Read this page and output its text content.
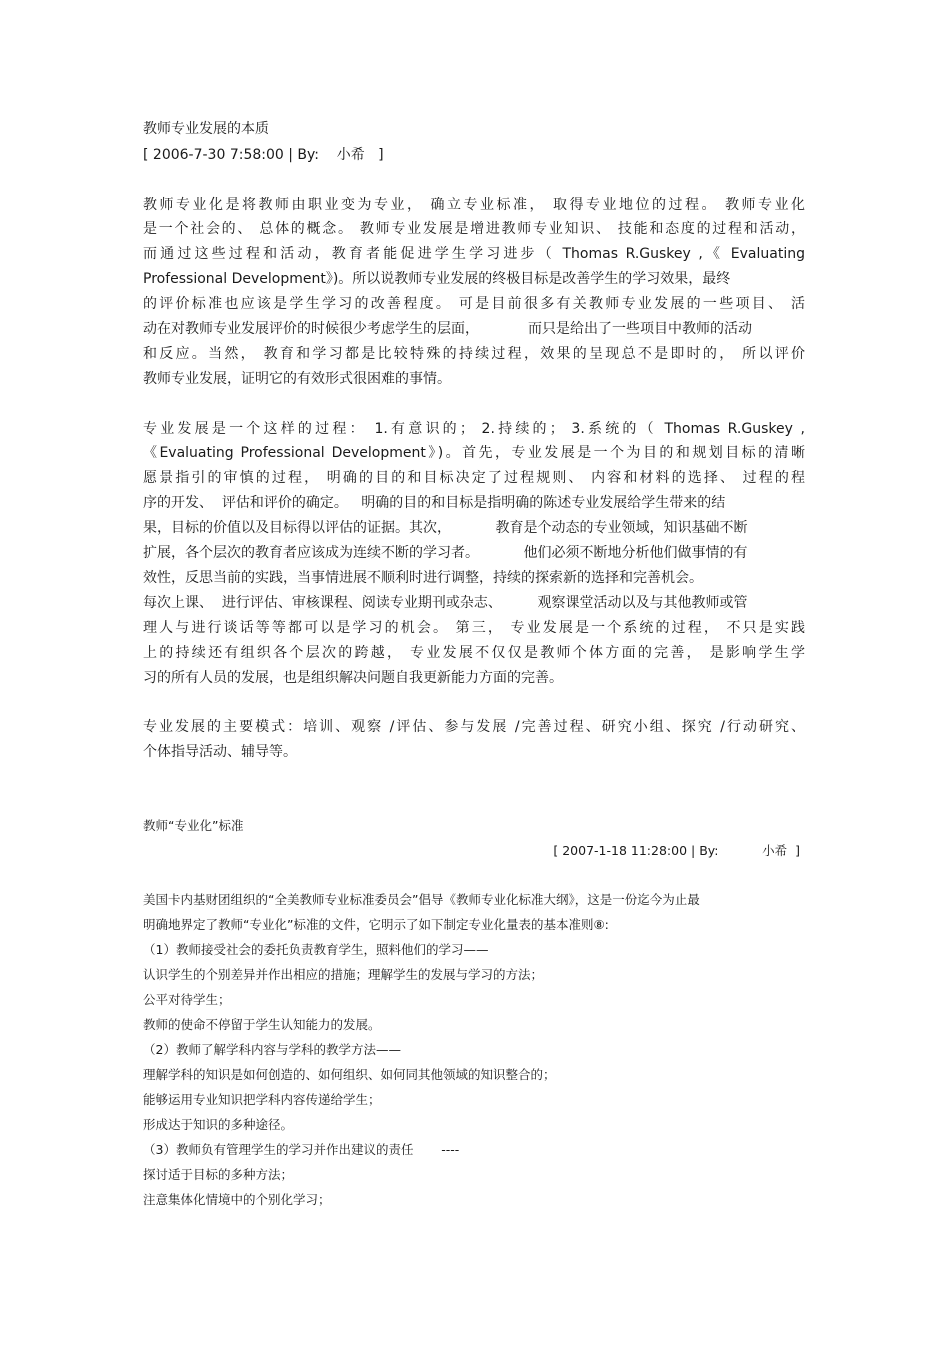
教师专业发展的本质
[ 2006-7-30 7:58:00 | By:    小希   ]
教师专业化是将教师由职业变为专业， 确立专业标准， 取得专业地位的过程。 教师专业化
是一个社会的、 总体的概念。 教师专业发展是增进教师专业知识、 技能和态度的过程和活动，
而通过这些过程和活动，教育者能促进学生学习进步（ Thomas R.Guskey ,《 Evaluating
Professional Development》)。所以说教师专业发展的终极目标是改善学生的学习效果，最终
的评价标准也应该是学生学习的改善程度。 可是目前很多有关教师专业发展的一些项目、 活
动在对教师专业发展评价的时候很少考虑学生的层面，           而只是给出了一些项目中教师的活动
和反应。当然， 教育和学习都是比较特殊的持续过程，效果的呈现总不是即时的， 所以评价
教师专业发展，证明它的有效形式很困难的事情。
专业发展是一个这样的过程： 1.有意识的； 2.持续的； 3.系统的（ Thomas R.Guskey ,
《Evaluating Professional Development》)。首先，专业发展是一个为目的和规划目标的清晰
愿景指引的审慎的过程， 明确的目的和目标决定了过程规则、 内容和材料的选择、 过程的程
序的开发、  评估和评价的确定。   明确的目的和目标是指明确的陈述专业发展给学生带来的结
果，目标的价值以及目标得以评估的证据。其次，          教育是个动态的专业领域，知识基础不断
扩展，各个层次的教育者应该成为连续不断的学习者。          他们必须不断地分析他们做事情的有
效性，反思当前的实践，当事情进展不顺利时进行调整，持续的探索新的选择和完善机会。
每次上课、  进行评估、审核课程、阅读专业期刊或杂志、        观察课堂活动以及与其他教师或管
理人与进行谈话等等都可以是学习的机会。 第三， 专业发展是一个系统的过程， 不只是实践
上的持续还有组织各个层次的跨越， 专业发展不仅仅是教师个体方面的完善， 是影响学生学
习的所有人员的发展，也是组织解决问题自我更新能力方面的完善。
专业发展的主要模式：培训、观察 /评估、参与发展 /完善过程、研究小组、探究 /行动研究、
个体指导活动、辅导等。
教师“专业化”标准
[ 2007-1-18 11:28:00 | By:           小希  ]
美国卡内基财团组织的“全美教师专业标准委员会”倡导《教师专业化标准大纲》，这是一份迄今为止最
明确地界定了教师“专业化”标准的文件，它明示了如下制定专业化量表的基本准则⑧:
（1）教师接受社会的委托负责教育学生，照料他们的学习——
认识学生的个别差异并作出相应的措施；理解学生的发展与学习的方法；
公平对待学生；
教师的使命不停留于学生认知能力的发展。
（2）教师了解学科内容与学科的教学方法——
理解学科的知识是如何创造的、如何组织、如何同其他领域的知识整合的；
能够运用专业知识把学科内容传递给学生；
形成达于知识的多种途径。
（3）教师负有管理学生的学习并作出建议的责任       ----
探讨适于目标的多种方法；
注意集体化情境中的个别化学习；
